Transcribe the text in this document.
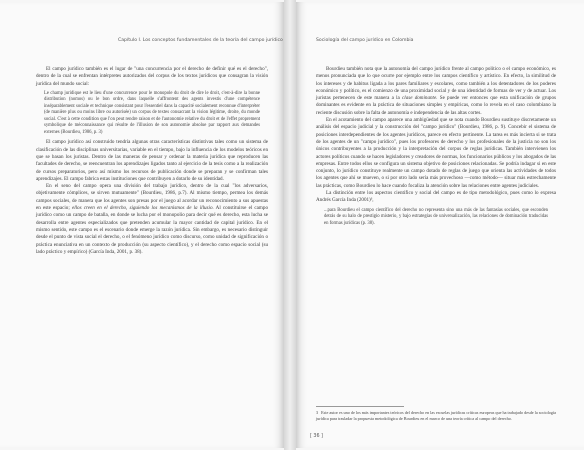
Capítulo I. Los conceptos fundamentales de la teoría del campo jurídico

El campo jurídico también es el lugar de "una concurrencia por el derecho de definir qué es el derecho", dentro de la cual se enfrentan intérpretes autorizados del corpus de los textos jurídicos que consagran la visión jurídica del mundo social:

Le champ juridique est le lieu d'une concurrence pour le monopole du droit de dire le droit, c'est-à-dire la bonne distribution (nomos) ou le bon ordre, dans laquelle s'affrontent des agents investis d'une compétence inséparablement sociale et technique consistant pour l'essentiel dans la capacité socialement reconnue d'interpréter (de manière plus ou moins libre ou autorisée) un corpus de textes consacrant la vision légitime, droite, du monde social. C'est à cette condition que l'on peut rendre raison et de l'autonomie relative du droit et de l'effet proprement symbolique de méconnaissance qui résulte de l'illusion de son autonomie absolue par rapport aux demandes externes (Bourdieu, 1986, p. 3)

El campo jurídico así construido tendría algunas otras características distintivas tales como un sistema de clasificación de las disciplinas universitarias, variable en el tiempo, bajo la influencia de los modelos teóricos en que se basan los juristas. Dentro de las maneras de pensar y ordenar la materia jurídica que reproducen las facultades de derecho, se reencuentran los aprendizajes ligados tanto al ejercicio de la tesis como a la realización de cursos preparatorios, pero así mismo los recursos de publicación donde se preparan y se confirman tales aprendizajes. El campo fabrica estas instituciones que contribuyen a dotarlo de su identidad.

En el seno del campo opera una división del trabajo jurídico, dentro de la cual "los adversarios, objetivamente cómplices, se sirven mutuamente" (Bourdieu, 1986, p.7). Al mismo tiempo, permea los demás campos sociales, de manera que los agentes son presas por el juego al acordar un reconocimiento a sus apuestas en este espacio; ellos creen en el derecho, siguiendo los mecanismos de la illusio. Al constituirse el campo jurídico como un campo de batalla, en donde se lucha por el monopolio para decir qué es derecho, esta lucha se desarrolla entre agentes especializados que pretenden acumular la mayor cantidad de capital jurídico. En el mismo sentido, este campo es el escenario donde emerge la razón jurídica. Sin embargo, es necesario distinguir desde el punto de vista social el derecho, o el fenómeno jurídico como discurso, como unidad de significación o práctica enunciativa en un contexto de producción (su aspecto científico), y el derecho como espacio social (su lado práctico y empírico) (García Inda, 2001, p. 38).

Sociología del campo jurídico en Colombia

Bourdieu también nota que la autonomía del campo jurídico frente al campo político o el campo económico, es menos pronunciada que lo que ocurre por ejemplo entre los campos científico y artístico. En efecto, la similitud de los intereses y de habitus ligada a los pares familiares y escolares, como también a los detentadores de los poderes económico y político, es el comienzo de una proximidad social y de una identidad de formas de ver y de actuar. Los juristas pertenecen de este manera a la clase dominante. Se puede ver entonces que esta unificación de grupos dominantes es evidente en la práctica de situaciones simples y empíricas, como lo revela en el caso colombiano la reciente discusión sobre la falta de autonomía e independencia de las altas cortes.

En el acotamiento del campo aparece una ambigüedad que se nota cuando Bourdieu sustituye discretamente un análisis del espacio judicial y la construcción del "campo jurídico" (Bourdieu, 1986, p. 9). Concebir el sistema de posiciones interdependientes de los agentes jurídicos, parece en efecto pertinente. La tarea es más incierta si se trata de los agentes de un "campo jurídico", pues los profesores de derecho y los profesionales de la justicia no son los únicos contribuyentes a la producción y la interpretación del corpus de reglas jurídicas. También intervienen los actores políticos cuando se hacen legisladores y creadores de normas, los funcionarios públicos y los abogados de las empresas. Entre todos ellos se configura un sistema objetivo de posiciones relacionadas. Se podría indagar si en este conjunto, lo jurídico constituye realmente un campo dotado de reglas de juego que orienta las actividades de todos los agentes que ahí se mueven, o si por otro lado sería más provechoso —como método— situar más estrechamente las prácticas, como Bourdieu lo hace cuando focaliza la atención sobre las relaciones entre agentes judiciales.

La distinción entre los aspectos científico y social del campo es de tipo metodológico, pues como lo expresa Andrés García Inda (2001)³,

...para Bourdieu el campo científico del derecho no representa sino una más de las fantasías sociales, que esconden detrás de su halo de prestigio misterio, y bajo estrategias de universalización, las relaciones de dominación traducidas en formas jurídicas (p. 38).
3 Este autor es uno de los más importantes teóricos del derecho en las escuelas jurídicas críticas europeas que ha trabajado desde la sociología jurídica para trasladar la propuesta metodológica de Bourdieu en el marco de una teoría crítica al campo del derecho.
[ 36 ]
